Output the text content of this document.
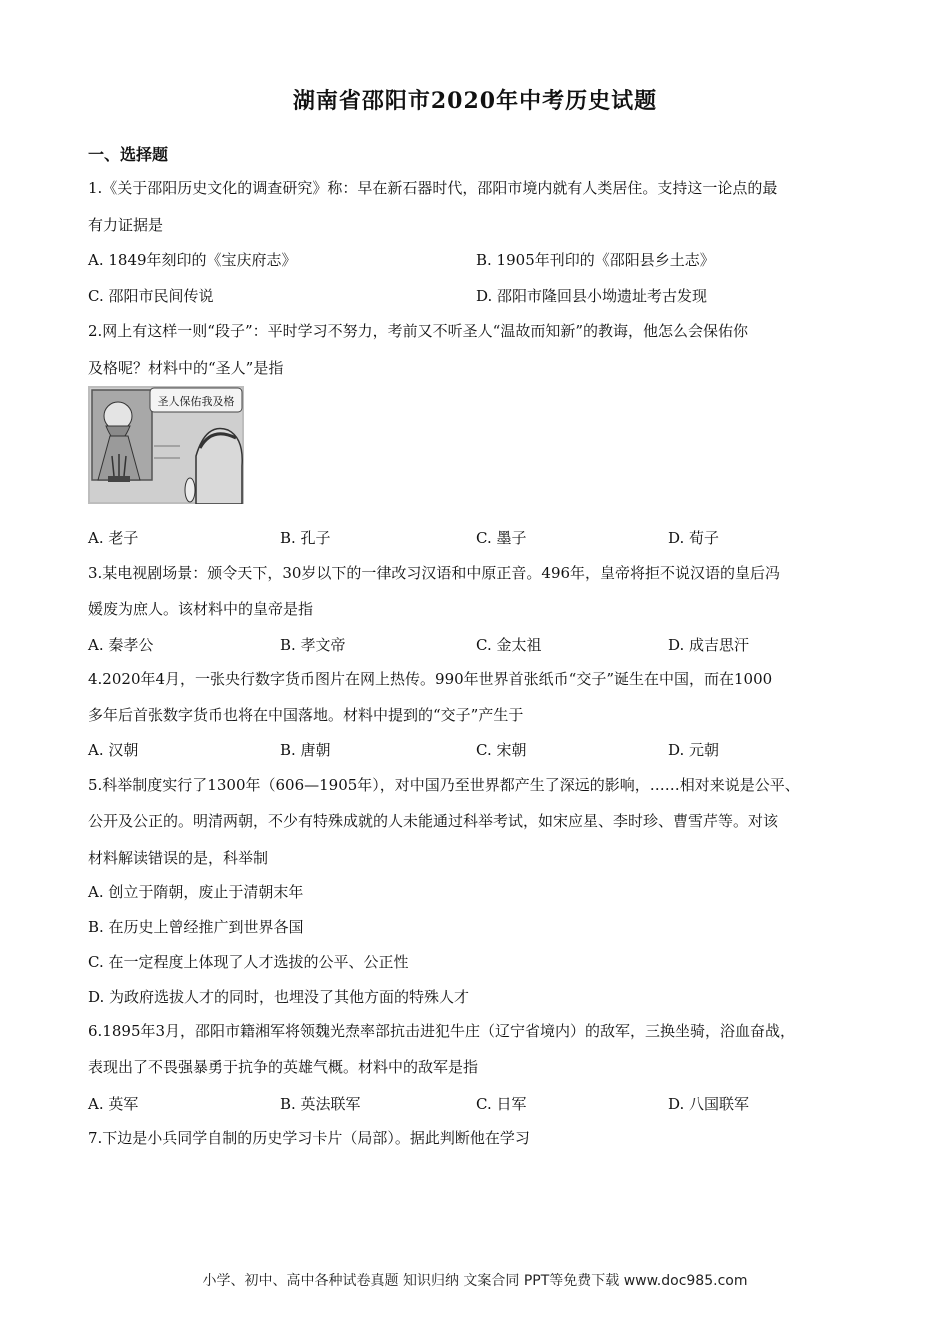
湖南省邵阳市2020年中考历史试题
一、选择题
1.《关于邵阳历史文化的调查研究》称：早在新石器时代，邵阳市境内就有人类居住。支持这一论点的最
有力证据是
A. 1849年刻印的《宝庆府志》	B. 1905年刊印的《邵阳县乡土志》
C. 邵阳市民间传说	D. 邵阳市隆回县小坳遗址考古发现
2.网上有这样一则“段子”：平时学习不努力，考前又不听圣人“温故而知新”的教诲，他怎么会保佑你
及格呢？材料中的“圣人”是指
圣人保佑我及格
A. 老子	B. 孔子	C. 墨子	D. 荀子
3.某电视剧场景：颁令天下，30岁以下的一律改习汉语和中原正音。496年，皇帝将拒不说汉语的皇后冯
媛废为庶人。该材料中的皇帝是指
A. 秦孝公	B. 孝文帝	C. 金太祖	D. 成吉思汗
4.2020年4月，一张央行数字货币图片在网上热传。990年世界首张纸币“交子”诞生在中国，而在1000
多年后首张数字货币也将在中国落地。材料中提到的“交子”产生于
A. 汉朝	B. 唐朝	C. 宋朝	D. 元朝
5.科举制度实行了1300年（606—1905年），对中国乃至世界都产生了深远的影响，……相对来说是公平、
公开及公正的。明清两朝，不少有特殊成就的人未能通过科举考试，如宋应星、李时珍、曹雪芹等。对该
材料解读错误的是，科举制
A. 创立于隋朝，废止于清朝末年
B. 在历史上曾经推广到世界各国
C. 在一定程度上体现了人才选拔的公平、公正性
D. 为政府选拔人才的同时，也埋没了其他方面的特殊人才
6.1895年3月，邵阳市籍湘军将领魏光焘率部抗击进犯牛庄（辽宁省境内）的敌军，三换坐骑，浴血奋战，
表现出了不畏强暴勇于抗争的英雄气概。材料中的敌军是指
A. 英军	B. 英法联军	C. 日军	D. 八国联军
7.下边是小兵同学自制的历史学习卡片（局部）。据此判断他在学习
小学、初中、高中各种试卷真题 知识归纳 文案合同 PPT等免费下载 www.doc985.com
